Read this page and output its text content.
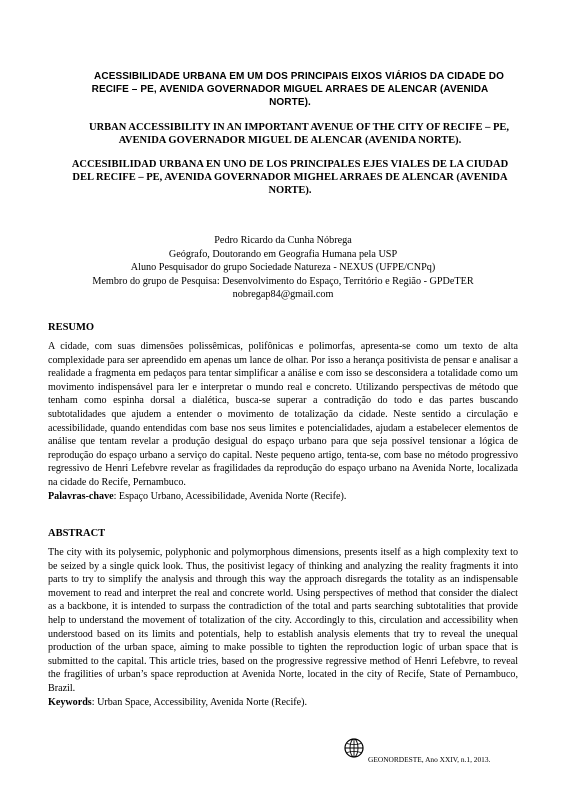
ACESSIBILIDADE URBANA EM UM DOS PRINCIPAIS EIXOS VIÁRIOS DA CIDADE DO RECIFE – PE, AVENIDA GOVERNADOR MIGUEL ARRAES DE ALENCAR (AVENIDA NORTE).
URBAN ACCESSIBILITY IN AN IMPORTANT AVENUE OF THE CITY OF RECIFE – PE, AVENIDA GOVERNADOR MIGUEL DE ALENCAR (AVENIDA NORTE).
ACCESIBILIDAD URBANA EN UNO DE LOS PRINCIPALES EJES VIALES DE LA CIUDAD DEL RECIFE – PE, AVENIDA GOVERNADOR MIGHEL ARRAES DE ALENCAR (AVENIDA NORTE).
Pedro Ricardo da Cunha Nóbrega
Geógrafo, Doutorando em Geografia Humana pela USP
Aluno Pesquisador do grupo Sociedade Natureza - NEXUS (UFPE/CNPq)
Membro do grupo de Pesquisa: Desenvolvimento do Espaço, Território e Região - GPDeTER
nobregap84@gmail.com
RESUMO

A cidade, com suas dimensões polissêmicas, polifônicas e polimorfas, apresenta-se como um texto de alta complexidade para ser apreendido em apenas um lance de olhar. Por isso a herança positivista de pensar e analisar a realidade a fragmenta em pedaços para tentar simplificar a análise e com isso se desconsidera a totalidade como um movimento indispensável para ler e interpretar o mundo real e concreto. Utilizando perspectivas de método que tenham como espinha dorsal a dialética, busca-se superar a contradição do todo e das partes buscando subtotalidades que ajudem a entender o movimento de totalização da cidade. Neste sentido a circulação e acessibilidade, quando entendidas com base nos seus limites e potencialidades, ajudam a estabelecer elementos de análise que tentam revelar a produção desigual do espaço urbano para que seja possível tensionar a lógica de reprodução do espaço urbano a serviço do capital. Neste pequeno artigo, tenta-se, com base no método progressivo regressivo de Henri Lefebvre revelar as fragilidades da reprodução do espaço urbano na Avenida Norte, localizada na cidade do Recife, Pernambuco.

Palavras-chave: Espaço Urbano, Acessibilidade, Avenida Norte (Recife).
ABSTRACT

The city with its polysemic, polyphonic and polymorphous dimensions, presents itself as a high complexity text to be seized by a single quick look. Thus, the positivist legacy of thinking and analyzing the reality fragments it into parts to try to simplify the analysis and through this way the approach disregards the totality as an indispensable movement to read and interpret the real and concrete world. Using perspectives of method that consider the dialect as a backbone, it is intended to surpass the contradiction of the total and parts searching subtotalities that provide help to understand the movement of totalization of the city. Accordingly to this, circulation and accessibility when understood based on its limits and potentials, help to establish analysis elements that try to reveal the unequal production of the urban space, aiming to make possible to tighten the reproduction logic of urban space that is submitted to the capital. This article tries, based on the progressive regressive method of Henri Lefebvre, to reveal the fragilities of urban’s space reproduction at Avenida Norte, located in the city of Recife, State of Pernambuco, Brazil.

Keywords: Urban Space, Accessibility, Avenida Norte (Recife).
GEONORDESTE, Ano XXIV, n.1, 2013.
